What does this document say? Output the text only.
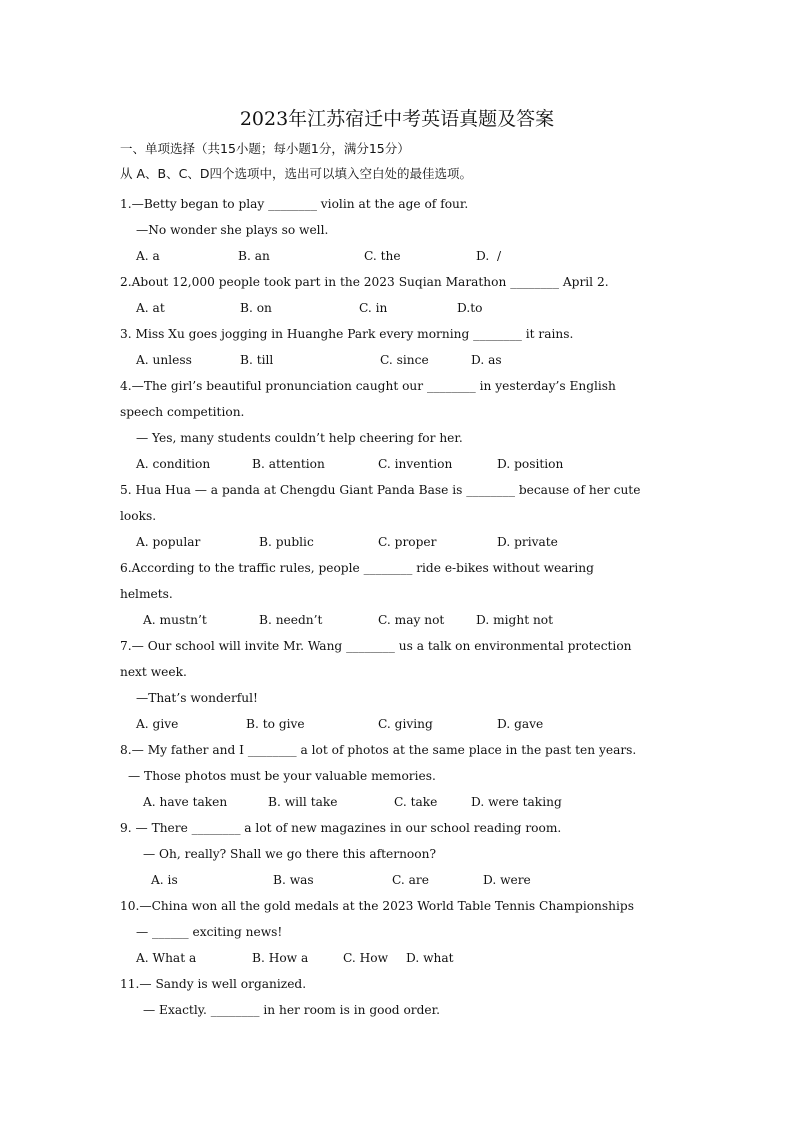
2023年江苏宿迁中考英语真题及答案
一、单项选择（共15小题；每小题1分，满分15分）
从 A、B、C、D四个选项中，选出可以填入空白处的最佳选项。
1.—Betty began to play ________ violin at the age of four.
—No wonder she plays so well.
A. a	B. an	C. the	D.  /
2.About 12,000 people took part in the 2023 Suqian Marathon ________ April 2.
A. at	B. on	C. in	D.to
3. Miss Xu goes jogging in Huanghe Park every morning ________ it rains.
A. unless	B. till	C. since	D. as
4.—The girl’s beautiful pronunciation caught our ________ in yesterday’s English
speech competition.
— Yes, many students couldn’t help cheering for her.
A. condition	B. attention	C. invention	D. position
5. Hua Hua — a panda at Chengdu Giant Panda Base is ________ because of her cute
looks.
A. popular	B. public	C. proper	D. private
6.According to the traffic rules, people ________ ride e-bikes without wearing
helmets.
A. mustn’t	B. needn’t	C. may not	D. might not
7.— Our school will invite Mr. Wang ________ us a talk on environmental protection
next week.
—That’s wonderful!
A. give	B. to give	C. giving	D. gave
8.— My father and I ________ a lot of photos at the same place in the past ten years.
— Those photos must be your valuable memories.
A. have taken	B. will take	C. take	D. were taking
9. — There ________ a lot of new magazines in our school reading room.
— Oh, really? Shall we go there this afternoon?
A. is	B. was	C. are	D. were
10.—China won all the gold medals at the 2023 World Table Tennis Championships
— ______ exciting news!
A. What a	B. How a	C. How D. what
11.— Sandy is well organized.
— Exactly. ________ in her room is in good order.
